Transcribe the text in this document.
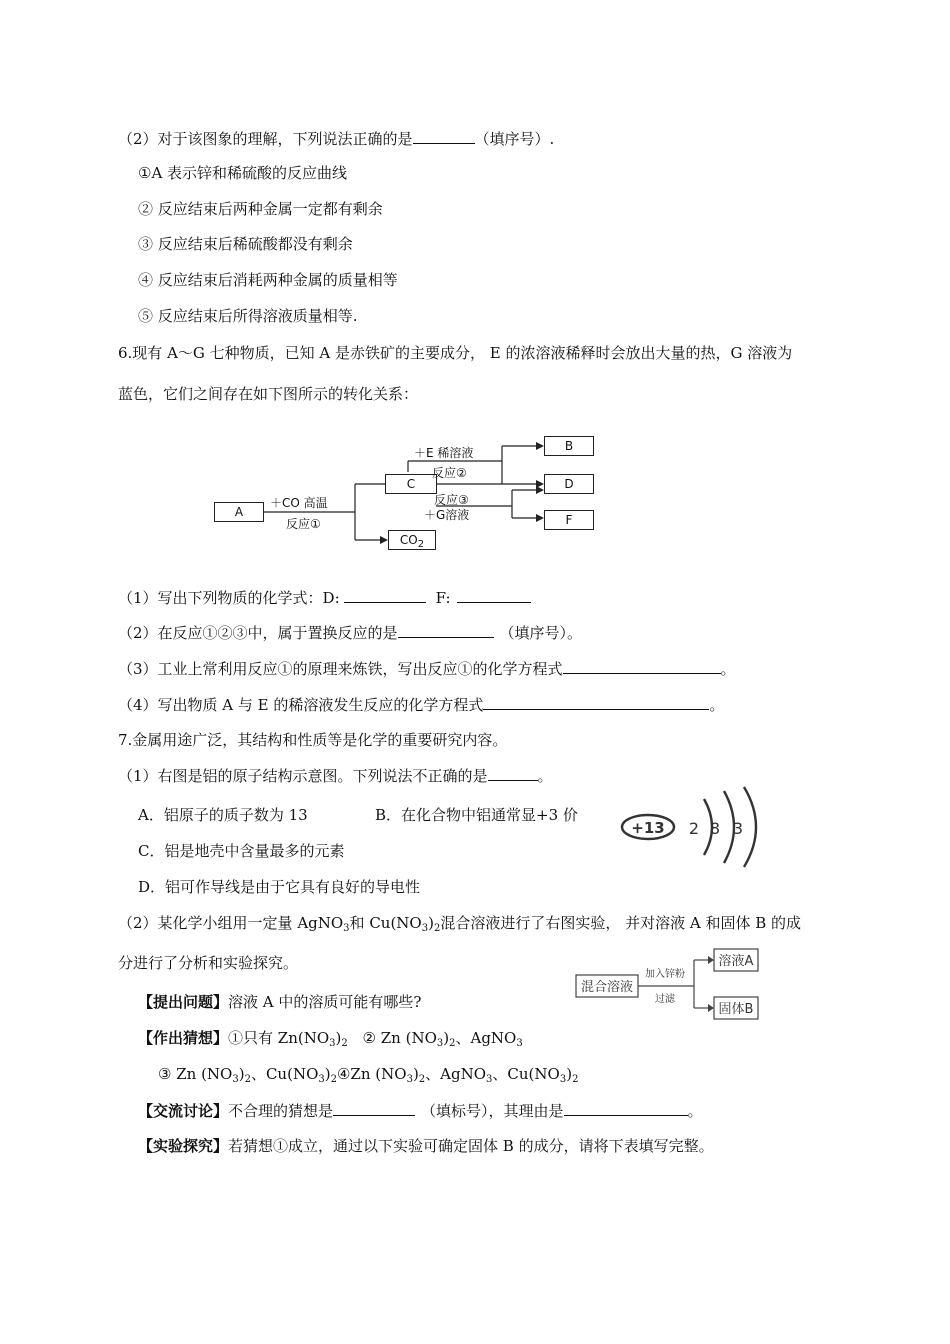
（2）对于该图象的理解，下列说法正确的是	（填序号）.
①A 表示锌和稀硫酸的反应曲线
② 反应结束后两种金属一定都有剩余
③ 反应结束后稀硫酸都没有剩余
④ 反应结束后消耗两种金属的质量相等
⑤ 反应结束后所得溶液质量相等.
6.现有 A～G 七种物质，已知 A 是赤铁矿的主要成分， E 的浓溶液稀释时会放出大量的热，G 溶液为
蓝色，它们之间存在如下图所示的转化关系：
A
C
B
D
F
$CO_2$
＋CO 高温
反应①
＋E 稀溶液
反应②
反应③
＋G溶液
（1）写出下列物质的化学式：D:	F:
（2）在反应①②③中，属于置换反应的是	（填序号）。
（3）工业上常利用反应①的原理来炼铁，写出反应①的化学方程式	。
（4）写出物质 A 与 E 的稀溶液发生反应的化学方程式	。
7.金属用途广泛，其结构和性质等是化学的重要研究内容。
（1）右图是铝的原子结构示意图。下列说法不正确的是	。
A．铝原子的质子数为 13	B．在化合物中铝通常显+3 价
C．铝是地壳中含量最多的元素
D．铝可作导线是由于它具有良好的导电性
+13 2 8 3
（2）某化学小组用一定量 AgNO$_3$和 $Cu(NO_3)_2$混合溶液进行了右图实验， 并对溶液 A 和固体 B 的成
分进行了分析和实验探究。
混合溶液
加入锌粉
过滤
溶液A
固体B
【提出问题】溶液 A 中的溶质可能有哪些?
【作出猜想】①只有 $Zn(NO_3)_2$ ② Zn $(NO_3)_2$、AgNO$_3$
③ Zn $(NO_3)_2$、$Cu(NO_3)_2④Zn$ $(NO_3)_2$、AgNO$_3$、$Cu(NO_3)_2$
【交流讨论】不合理的猜想是	（填标号），其理由是	。
【实验探究】若猜想①成立，通过以下实验可确定固体 B 的成分，请将下表填写完整。
